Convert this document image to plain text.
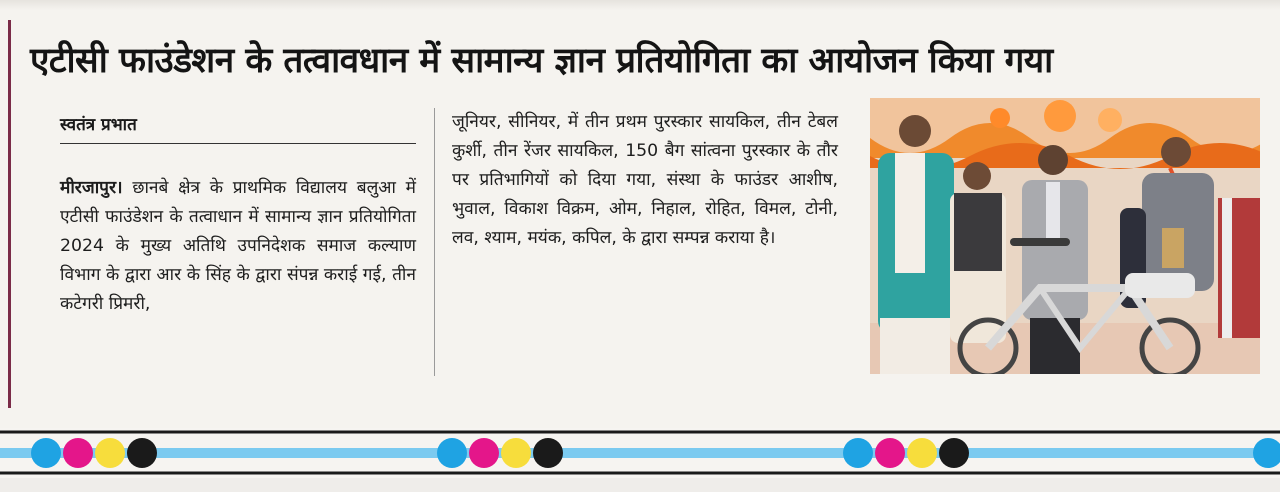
एटीसी फाउंडेशन के तत्वावधान में सामान्य ज्ञान प्रतियोगिता का आयोजन किया गया
स्वतंत्र प्रभात

मीरजापुर। छानबे क्षेत्र के प्राथमिक विद्यालय बलुआ में एटीसी फाउंडेशन के तत्वाधान में सामान्य ज्ञान प्रतियोगिता 2024 के मुख्य अतिथि उपनिदेशक समाज कल्याण विभाग के द्वारा आर के सिंह के द्वारा संपन्न कराई गई, तीन कटेगरी प्रिमरी,

जूनियर, सीनियर, में तीन प्रथम पुरस्कार सायकिल, तीन टेबल कुर्शी, तीन रेंजर सायकिल, 150 बैग सांत्वना पुरस्कार के तौर पर प्रतिभागियों को दिया गया, संस्था के फाउंडर आशीष, भुवाल, विकाश विक्रम, ओम, निहाल, रोहित, विमल, टोनी, लव, श्याम, मयंक, कपिल, के द्वारा सम्पन्न कराया है।
